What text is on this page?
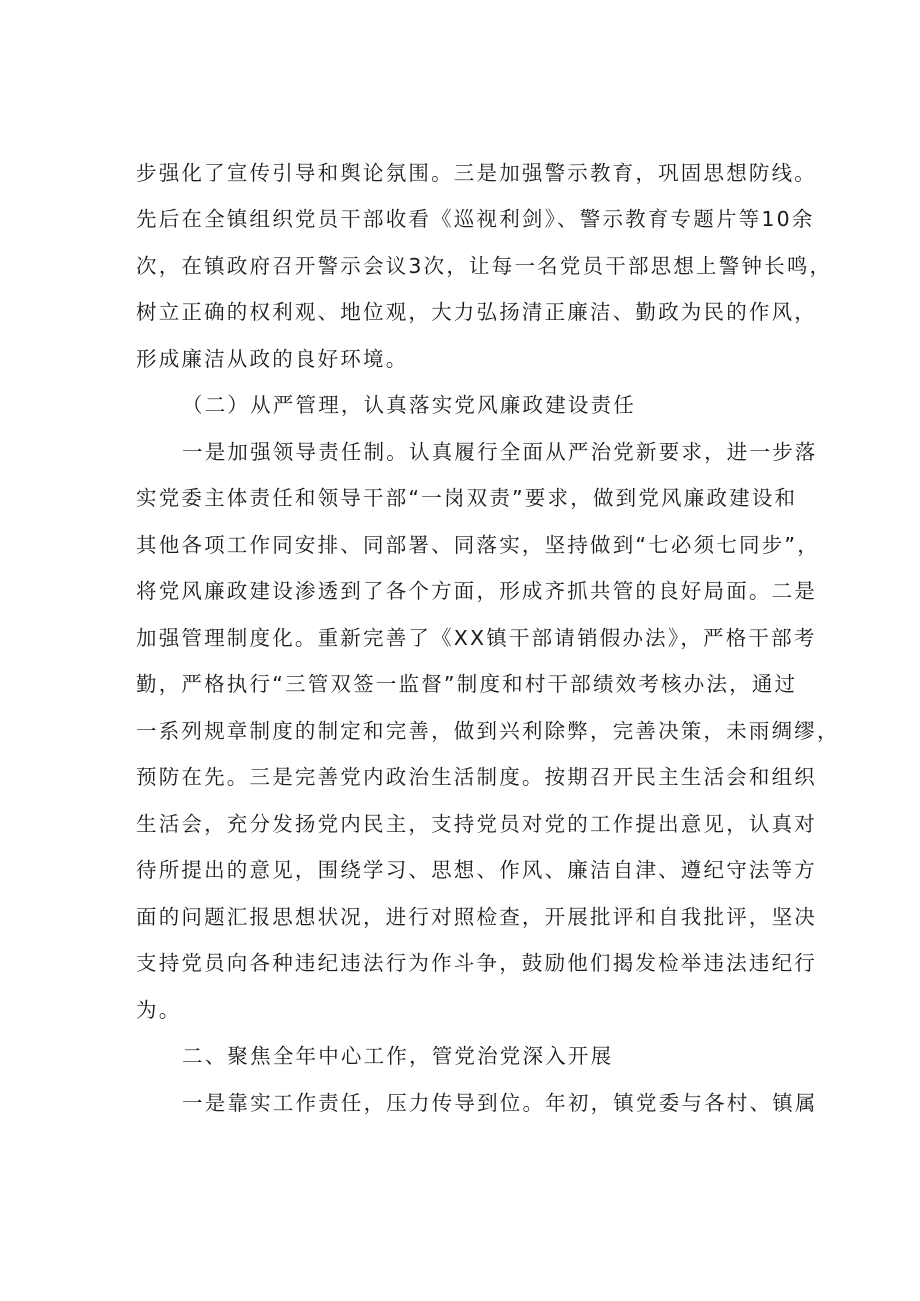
步强化了宣传引导和舆论氛围。三是加强警示教育，巩固思想防线。
先后在全镇组织党员干部收看《巡视利剑》、警示教育专题片等10余
次，在镇政府召开警示会议3次，让每一名党员干部思想上警钟长鸣，
树立正确的权利观、地位观，大力弘扬清正廉洁、勤政为民的作风，
形成廉洁从政的良好环境。
（二）从严管理，认真落实党风廉政建设责任
一是加强领导责任制。认真履行全面从严治党新要求，进一步落
实党委主体责任和领导干部“一岗双责”要求，做到党风廉政建设和
其他各项工作同安排、同部署、同落实，坚持做到“七必须七同步”，
将党风廉政建设渗透到了各个方面，形成齐抓共管的良好局面。二是
加强管理制度化。重新完善了《XX镇干部请销假办法》，严格干部考
勤，严格执行“三管双签一监督”制度和村干部绩效考核办法，通过
一系列规章制度的制定和完善，做到兴利除弊，完善决策，未雨绸缪，
预防在先。三是完善党内政治生活制度。按期召开民主生活会和组织
生活会，充分发扬党内民主，支持党员对党的工作提出意见，认真对
待所提出的意见，围绕学习、思想、作风、廉洁自津、遵纪守法等方
面的问题汇报思想状况，进行对照检查，开展批评和自我批评，坚决
支持党员向各种违纪违法行为作斗争，鼓励他们揭发检举违法违纪行
为。
二、聚焦全年中心工作，管党治党深入开展
一是靠实工作责任，压力传导到位。年初，镇党委与各村、镇属
